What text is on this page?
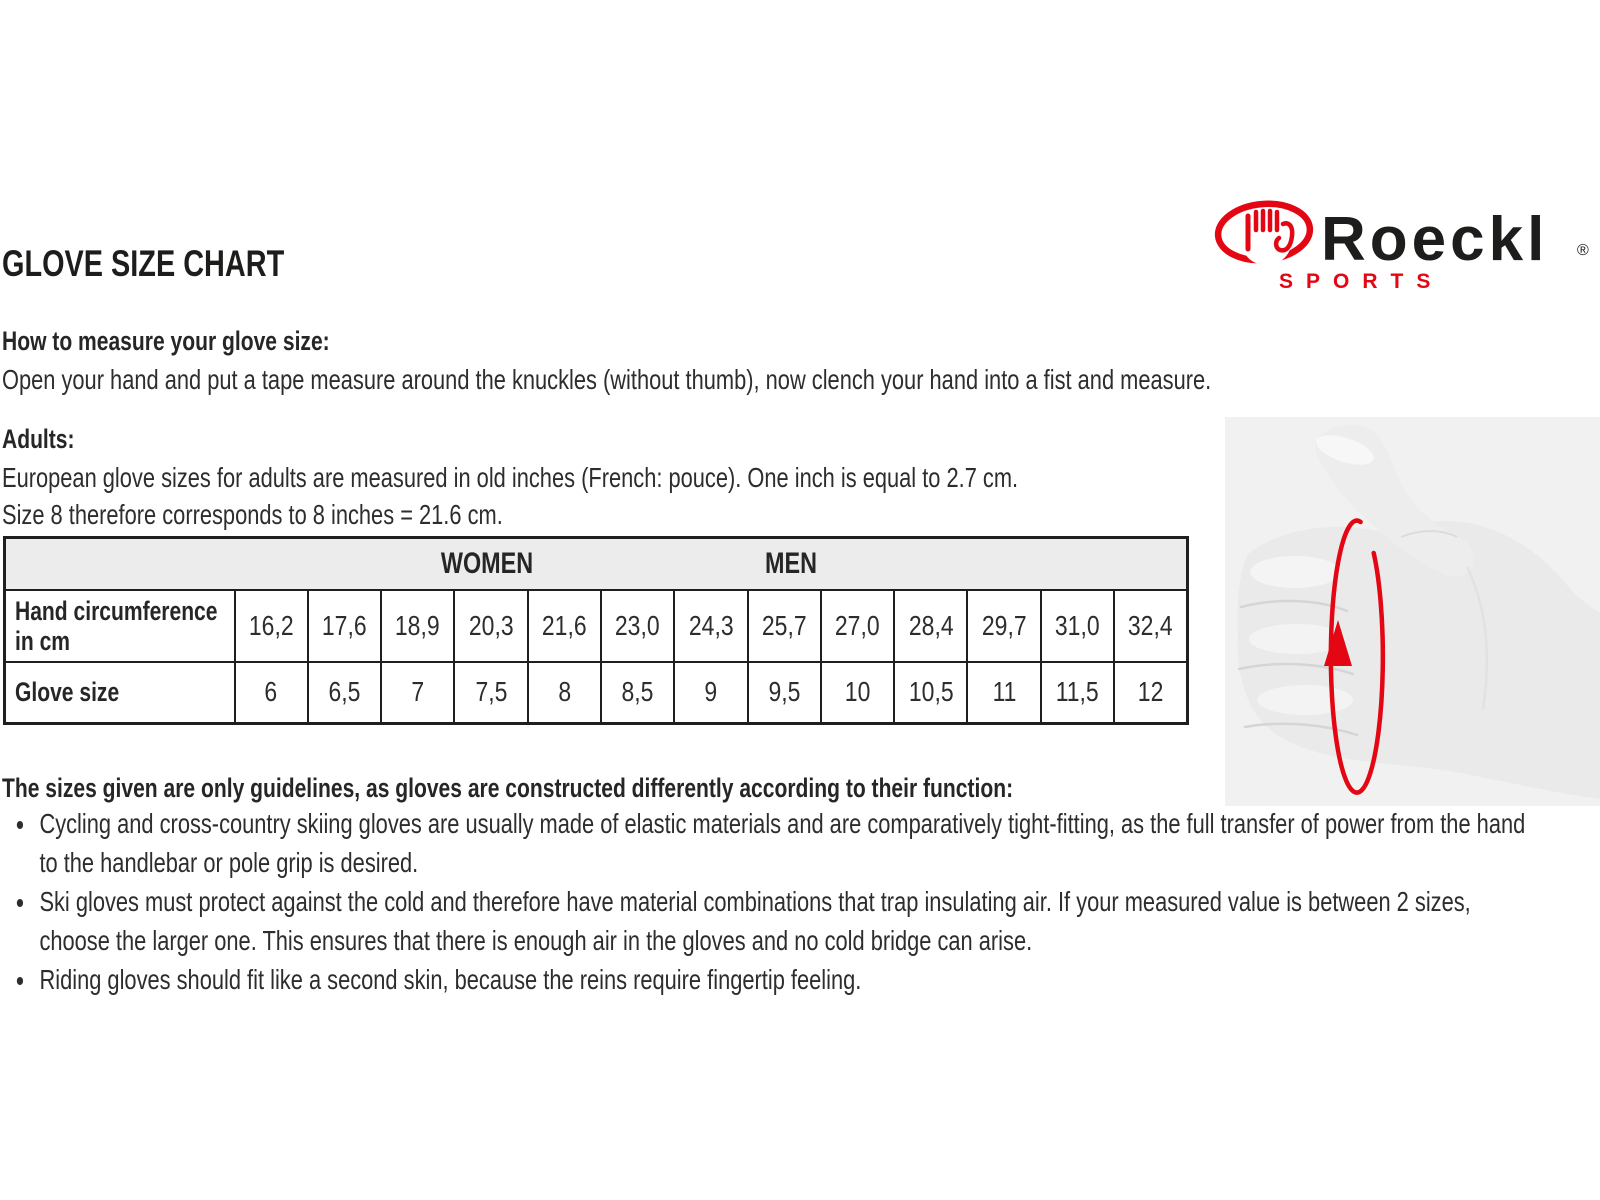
GLOVE SIZE CHART	Roeckl ®
SPORTS
How to measure your glove size:
Open your hand and put a tape measure around the knuckles (without thumb), now clench your hand into a fist and measure.
Adults:
European glove sizes for adults are measured in old inches (French: pouce). One inch is equal to 2.7 cm.
Size 8 therefore corresponds to 8 inches = 21.6 cm.
WOMEN MEN													

Hand circumference in cm	16,2	17,6	18,9	20,3	21,6	23,0	24,3	25,7	27,0	28,4	29,7	31,0	32,4

Glove size	6	6,5	7	7,5	8	8,5	9	9,5	10	10,5	11	11,5	12
The sizes given are only guidelines, as gloves are constructed differently according to their function:
• Cycling and cross-country skiing gloves are usually made of elastic materials and are comparatively tight-fitting, as the full transfer of power from the hand to the handlebar or pole grip is desired.
• Ski gloves must protect against the cold and therefore have material combinations that trap insulating air. If your measured value is between 2 sizes, choose the larger one. This ensures that there is enough air in the gloves and no cold bridge can arise.
• Riding gloves should fit like a second skin, because the reins require fingertip feeling.
